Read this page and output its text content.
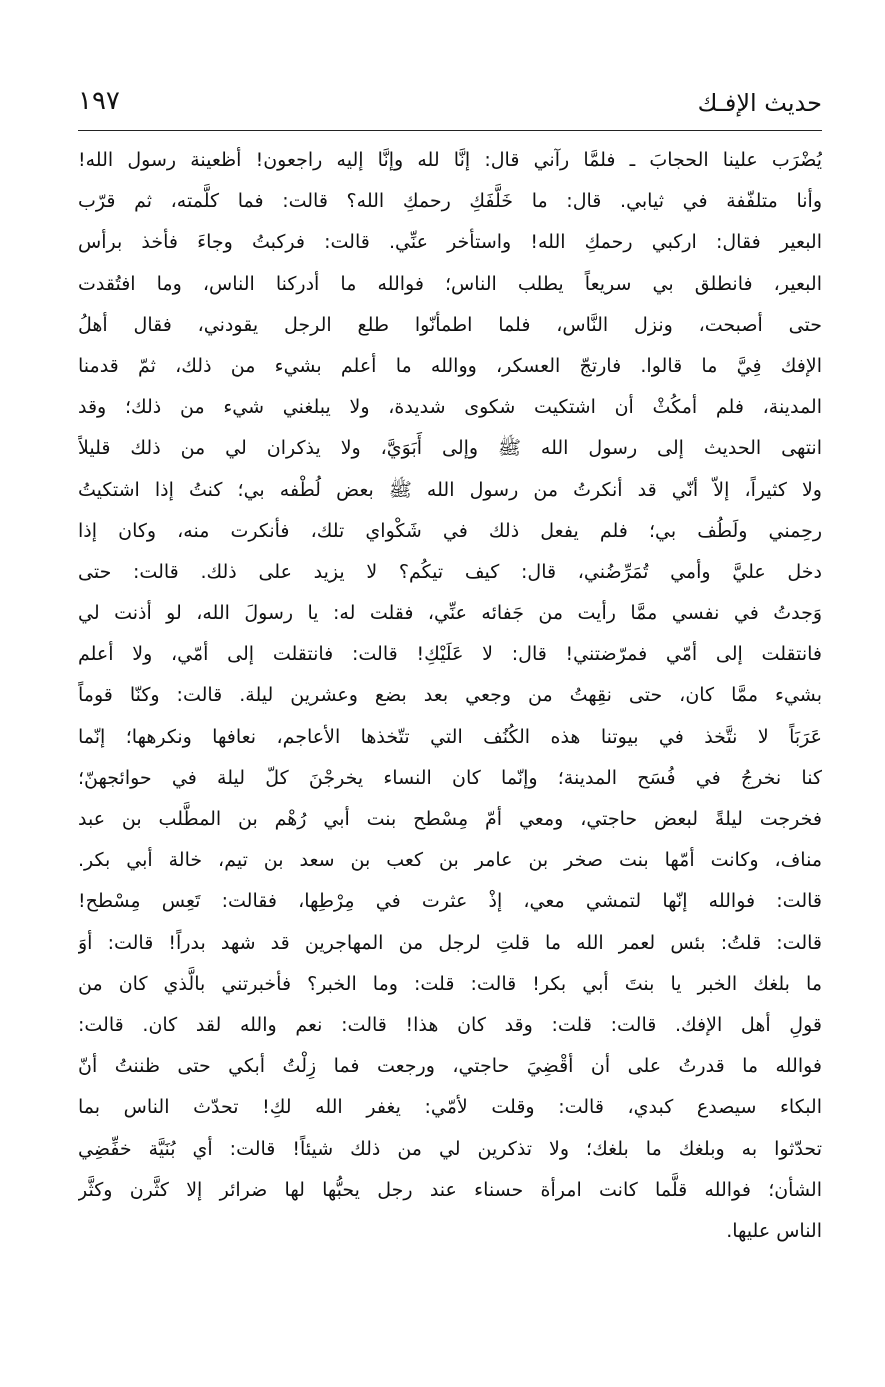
حديث الإفـك
١٩٧
يُضْرَب علينا الحجابَ ـ فلمَّا رآني قال: إنَّا لله وإنَّا إليه راجعون! أظعينة رسول الله!
وأنا متلفّفة في ثيابي. قال: ما خَلَّفَكِ رحمكِ الله؟ قالت: فما كلَّمته، ثم قرّب
البعير فقال: اركبي رحمكِ الله! واستأخر عنِّي. قالت: فركبتُ وجاءَ فأخذ برأس
البعير، فانطلق بي سريعاً يطلب الناس؛ فوالله ما أدركنا الناس، وما افتُقدت
حتى أصبحت، ونزل النَّاس، فلما اطمأنّوا طلع الرجل يقودني، فقال أهلُ
الإفك فِيَّ ما قالوا. فارتجّ العسكر، ووالله ما أعلم بشيء من ذلك، ثمّ قدمنا
المدينة، فلم أمكُثْ أن اشتكيت شكوى شديدة، ولا يبلغني شيء من ذلك؛ وقد
انتهى الحديث إلى رسول الله ﷺ وإلى أَبَوَيَّ، ولا يذكران لي من ذلك قليلاً
ولا كثيراً، إلاّ أنّي قد أنكرتُ من رسول الله ﷺ بعض لُطْفه بي؛ كنتُ إذا اشتكيتُ
رحِمني ولَطُف بي؛ فلم يفعل ذلك في شَكْواي تلك، فأنكرت منه، وكان إذا
دخل عليَّ وأمي تُمَرِّضُني، قال: كيف تيكُم؟ لا يزيد على ذلك. قالت: حتى
وَجدتُ في نفسي ممَّا رأيت من جَفائه عنِّي، فقلت له: يا رسولَ الله، لو أذنت لي
فانتقلت إلى أمّي فمرّضتني! قال: لا عَلَيْكِ! قالت: فانتقلت إلى أمّي، ولا أعلم
بشيء ممَّا كان، حتى نقِهتُ من وجعي بعد بضع وعشرين ليلة. قالت: وكنّا قوماً
عَرَبَاً لا نتَّخذ في بيوتنا هذه الكُنُف التي تتّخذها الأعاجم، نعافها ونكرهها؛ إنّما
كنا نخرجُ في فُسَح المدينة؛ وإنّما كان النساء يخرجْنَ كلّ ليلة في حوائجهنّ؛
فخرجت ليلةً لبعض حاجتي، ومعي أمّ مِسْطح بنت أبي رُهْم بن المطَّلب بن عبد
مناف، وكانت أمّها بنت صخر بن عامر بن كعب بن سعد بن تيم، خالة أبي بكر.
قالت: فوالله إنّها لتمشي معي، إذْ عثرت في مِرْطِها، فقالت: تَعِس مِسْطح!
قالت: قلتُ: بئس لعمر الله ما قلتِ لرجل من المهاجرين قد شهد بدراً! قالت: أوَ
ما بلغك الخبر يا بنتَ أبي بكر! قالت: قلت: وما الخبر؟ فأخبرتني بالَّذي كان من
قولِ أهل الإفك. قالت: قلت: وقد كان هذا! قالت: نعم والله لقد كان. قالت:
فوالله ما قدرتُ على أن أقْضِيَ حاجتي، ورجعت فما زِلْتُ أبكي حتى ظننتُ أنّ
البكاء سيصدع كبدي، قالت: وقلت لأمّي: يغفر الله لكِ! تحدّث الناس بما
تحدّثوا به وبلغك ما بلغك؛ ولا تذكرين لي من ذلك شيئاً! قالت: أي بُنَيَّة خفِّضِي
الشأن؛ فوالله قلَّما كانت امرأة حسناء عند رجل يحبُّها لها ضرائر إلا كثَّرن وكثَّر
الناس عليها.
